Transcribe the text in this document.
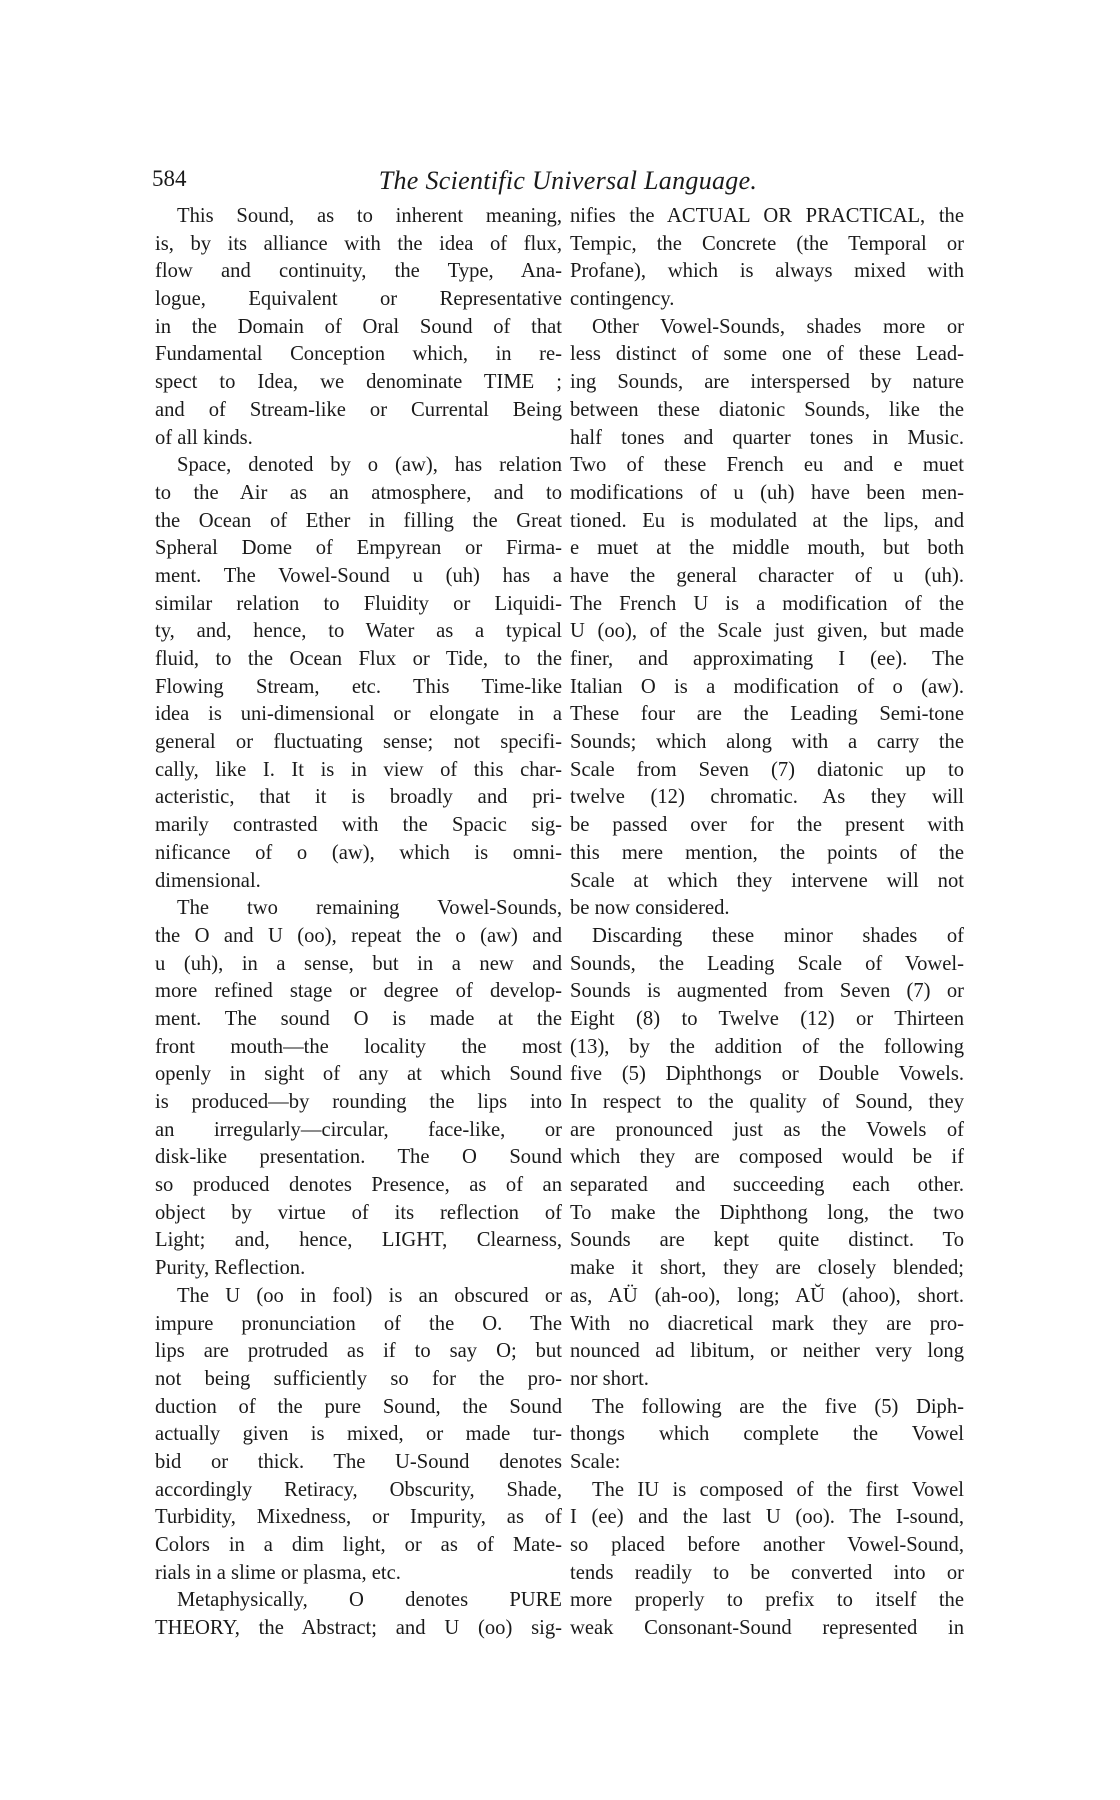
584	The Scientific Universal Language.
This Sound, as to inherent meaning,
is, by its alliance with the idea of flux,
flow and continuity, the Type, Ana-
logue, Equivalent or Representative
in the Domain of Oral Sound of that
Fundamental Conception which, in re-
spect to Idea, we denominate TIME ;
and of Stream-like or Currental Being
of all kinds.
Space, denoted by o (aw), has relation
to the Air as an atmosphere, and to
the Ocean of Ether in filling the Great
Spheral Dome of Empyrean or Firma-
ment. The Vowel-Sound u (uh) has a
similar relation to Fluidity or Liquidi-
ty, and, hence, to Water as a typical
fluid, to the Ocean Flux or Tide, to the
Flowing Stream, etc. This Time-like
idea is uni-dimensional or elongate in a
general or fluctuating sense; not specifi-
cally, like I. It is in view of this char-
acteristic, that it is broadly and pri-
marily contrasted with the Spacic sig-
nificance of o (aw), which is omni-
dimensional.
The two remaining Vowel-Sounds,
the O and U (oo), repeat the o (aw) and
u (uh), in a sense, but in a new and
more refined stage or degree of develop-
ment. The sound O is made at the
front mouth—the locality the most
openly in sight of any at which Sound
is produced—by rounding the lips into
an irregularly—circular, face-like, or
disk-like presentation. The O Sound
so produced denotes Presence, as of an
object by virtue of its reflection of
Light; and, hence, LIGHT, Clearness,
Purity, Reflection.
The U (oo in fool) is an obscured or
impure pronunciation of the O. The
lips are protruded as if to say O; but
not being sufficiently so for the pro-
duction of the pure Sound, the Sound
actually given is mixed, or made tur-
bid or thick. The U-Sound denotes
accordingly Retiracy, Obscurity, Shade,
Turbidity, Mixedness, or Impurity, as of
Colors in a dim light, or as of Mate-
rials in a slime or plasma, etc.
Metaphysically, O denotes PURE
THEORY, the Abstract; and U (oo) sig-
nifies the ACTUAL OR PRACTICAL, the
Tempic, the Concrete (the Temporal or
Profane), which is always mixed with
contingency.
Other Vowel-Sounds, shades more or
less distinct of some one of these Lead-
ing Sounds, are interspersed by nature
between these diatonic Sounds, like the
half tones and quarter tones in Music.
Two of these French eu and e muet
modifications of u (uh) have been men-
tioned. Eu is modulated at the lips, and
e muet at the middle mouth, but both
have the general character of u (uh).
The French U is a modification of the
U (oo), of the Scale just given, but made
finer, and approximating I (ee). The
Italian O is a modification of o (aw).
These four are the Leading Semi-tone
Sounds; which along with a carry the
Scale from Seven (7) diatonic up to
twelve (12) chromatic. As they will
be passed over for the present with
this mere mention, the points of the
Scale at which they intervene will not
be now considered.
Discarding these minor shades of
Sounds, the Leading Scale of Vowel-
Sounds is augmented from Seven (7) or
Eight (8) to Twelve (12) or Thirteen
(13), by the addition of the following
five (5) Diphthongs or Double Vowels.
In respect to the quality of Sound, they
are pronounced just as the Vowels of
which they are composed would be if
separated and succeeding each other.
To make the Diphthong long, the two
Sounds are kept quite distinct. To
make it short, they are closely blended;
as, AÜ (ah-oo), long; AŬ (ahoo), short.
With no diacretical mark they are pro-
nounced ad libitum, or neither very long
nor short.
The following are the five (5) Diph-
thongs which complete the Vowel
Scale:
The IU is composed of the first Vowel
I (ee) and the last U (oo). The I-sound,
so placed before another Vowel-Sound,
tends readily to be converted into or
more properly to prefix to itself the
weak Consonant-Sound represented in
